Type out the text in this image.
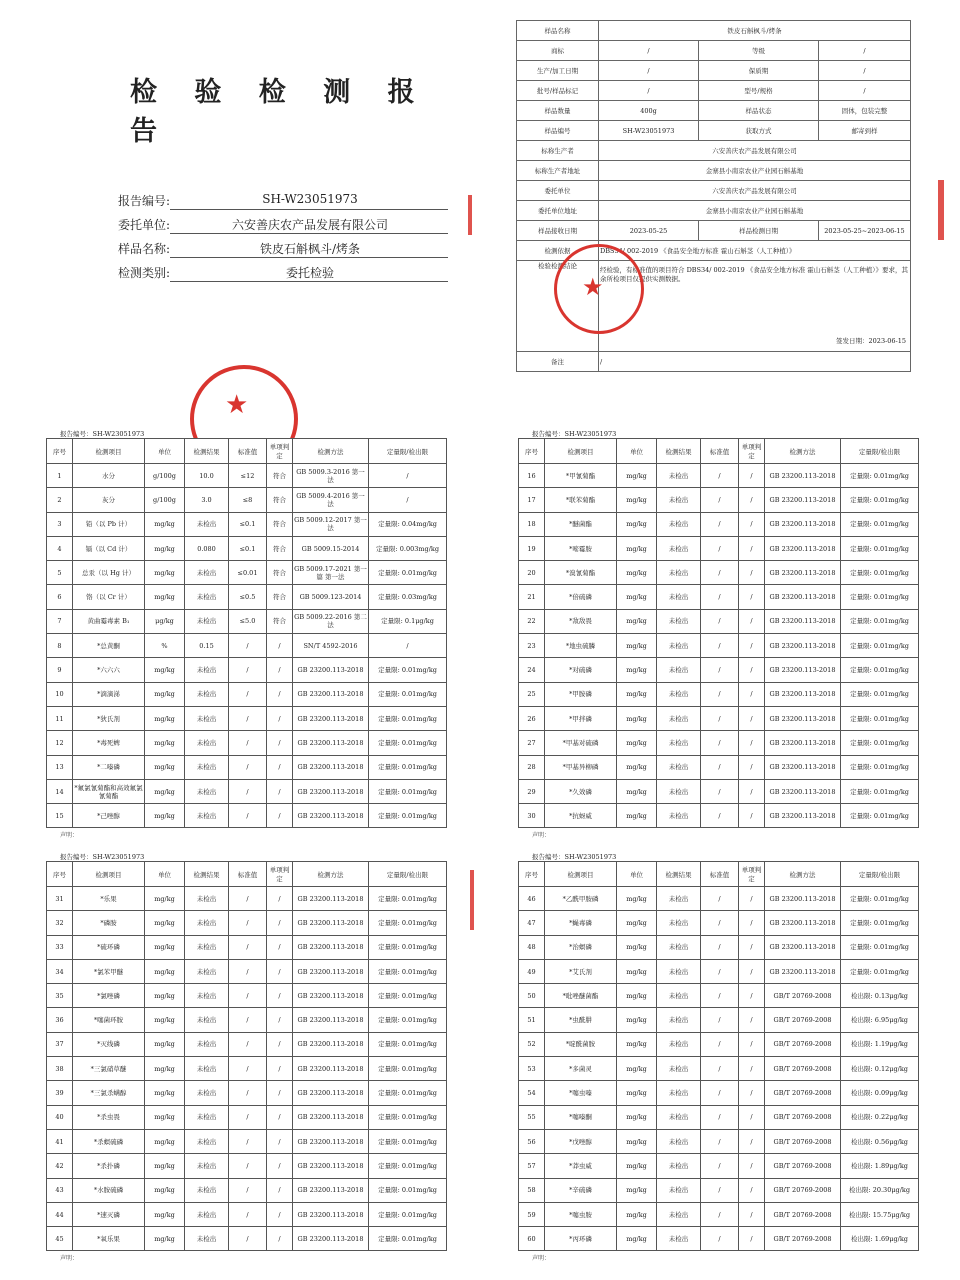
检 验 检 测 报 告
报告编号:	SH-W23051973
委托单位:	六安善庆农产品发展有限公司
样品名称:	铁皮石斛枫斗/烤条
检测类别:	委托检验
★
样品名称	铁皮石斛枫斗/烤条		
商标	/	等级	/
生产/加工日期	/	保质期	/
批号/样品标记	/	型号/规格	/
样品数量	400g	样品状态	固体，包装完整
样品编号	SH-W23051973	获取方式	邮寄到样
标称生产者	六安善庆农产品发展有限公司		
标称生产者地址	金寨县小南京农业产业园石斛基地		
委托单位	六安善庆农产品发展有限公司		
委托单位地址	金寨县小南京农业产业园石斛基地		
样品接收日期	2023-05-25	样品检测日期	2023-05-25~2023-06-15
检测依据	DBS34/ 002-2019 《食品安全地方标准 霍山石斛茎（人工种植）》		
检验检测结论	经检验，有标准值的项目符合 DBS34/ 002-2019 《食品安全地方标准 霍山石斛茎（人工种植）》要求，其余所检项目仅提供实测数据。
签发日期：2023-06-15		

备注	/		
★
报告编号：SH-W23051973
序号	检测项目	单位	检测结果	标准值	单项判定	检测方法	定量限/检出限
1	水分	g/100g	10.0	≤12	符合	GB 5009.3-2016 第一法	/
2	灰分	g/100g	3.0	≤8	符合	GB 5009.4-2016 第一法	/
3	铅（以 Pb 计）	mg/kg	未检出	≤0.1	符合	GB 5009.12-2017 第一法	定量限: 0.04mg/kg
4	镉（以 Cd 计）	mg/kg	0.080	≤0.1	符合	GB 5009.15-2014	定量限: 0.003mg/kg
5	总汞（以 Hg 计）	mg/kg	未检出	≤0.01	符合	GB 5009.17-2021 第一篇 第一法	定量限: 0.01mg/kg
6	铬（以 Cr 计）	mg/kg	未检出	≤0.5	符合	GB 5009.123-2014	定量限: 0.03mg/kg
7	黄曲霉毒素 B₁	μg/kg	未检出	≤5.0	符合	GB 5009.22-2016 第二法	定量限: 0.1μg/kg
8	*总黄酮	%	0.15	/	/	SN/T 4592-2016	/
9	*六六六	mg/kg	未检出	/	/	GB 23200.113-2018	定量限: 0.01mg/kg
10	*滴滴涕	mg/kg	未检出	/	/	GB 23200.113-2018	定量限: 0.01mg/kg
11	*狄氏剂	mg/kg	未检出	/	/	GB 23200.113-2018	定量限: 0.01mg/kg
12	*毒死蜱	mg/kg	未检出	/	/	GB 23200.113-2018	定量限: 0.01mg/kg
13	*二嗪磷	mg/kg	未检出	/	/	GB 23200.113-2018	定量限: 0.01mg/kg
14	*氟氯氰菊酯和高效氟氯氰菊酯	mg/kg	未检出	/	/	GB 23200.113-2018	定量限: 0.01mg/kg
15	*己唑醇	mg/kg	未检出	/	/	GB 23200.113-2018	定量限: 0.01mg/kg
声明：
报告编号：SH-W23051973
序号	检测项目	单位	检测结果	标准值	单项判定	检测方法	定量限/检出限
16	*甲氰菊酯	mg/kg	未检出	/	/	GB 23200.113-2018	定量限: 0.01mg/kg
17	*联苯菊酯	mg/kg	未检出	/	/	GB 23200.113-2018	定量限: 0.01mg/kg
18	*醚菌酯	mg/kg	未检出	/	/	GB 23200.113-2018	定量限: 0.01mg/kg
19	*嘧霉胺	mg/kg	未检出	/	/	GB 23200.113-2018	定量限: 0.01mg/kg
20	*溴氰菊酯	mg/kg	未检出	/	/	GB 23200.113-2018	定量限: 0.01mg/kg
21	*倍硫磷	mg/kg	未检出	/	/	GB 23200.113-2018	定量限: 0.01mg/kg
22	*敌敌畏	mg/kg	未检出	/	/	GB 23200.113-2018	定量限: 0.01mg/kg
23	*地虫硫膦	mg/kg	未检出	/	/	GB 23200.113-2018	定量限: 0.01mg/kg
24	*对硫磷	mg/kg	未检出	/	/	GB 23200.113-2018	定量限: 0.01mg/kg
25	*甲胺磷	mg/kg	未检出	/	/	GB 23200.113-2018	定量限: 0.01mg/kg
26	*甲拌磷	mg/kg	未检出	/	/	GB 23200.113-2018	定量限: 0.01mg/kg
27	*甲基对硫磷	mg/kg	未检出	/	/	GB 23200.113-2018	定量限: 0.01mg/kg
28	*甲基异柳磷	mg/kg	未检出	/	/	GB 23200.113-2018	定量限: 0.01mg/kg
29	*久效磷	mg/kg	未检出	/	/	GB 23200.113-2018	定量限: 0.01mg/kg
30	*抗蚜威	mg/kg	未检出	/	/	GB 23200.113-2018	定量限: 0.01mg/kg
声明：
报告编号：SH-W23051973
序号	检测项目	单位	检测结果	标准值	单项判定	检测方法	定量限/检出限
31	*乐果	mg/kg	未检出	/	/	GB 23200.113-2018	定量限: 0.01mg/kg
32	*磷胺	mg/kg	未检出	/	/	GB 23200.113-2018	定量限: 0.01mg/kg
33	*硫环磷	mg/kg	未检出	/	/	GB 23200.113-2018	定量限: 0.01mg/kg
34	*氯苯甲醚	mg/kg	未检出	/	/	GB 23200.113-2018	定量限: 0.01mg/kg
35	*氯唑磷	mg/kg	未检出	/	/	GB 23200.113-2018	定量限: 0.01mg/kg
36	*噻菌环胺	mg/kg	未检出	/	/	GB 23200.113-2018	定量限: 0.01mg/kg
37	*灭线磷	mg/kg	未检出	/	/	GB 23200.113-2018	定量限: 0.01mg/kg
38	*三氯硝草醚	mg/kg	未检出	/	/	GB 23200.113-2018	定量限: 0.01mg/kg
39	*三氯杀螨醇	mg/kg	未检出	/	/	GB 23200.113-2018	定量限: 0.01mg/kg
40	*杀虫畏	mg/kg	未检出	/	/	GB 23200.113-2018	定量限: 0.01mg/kg
41	*杀螟硫磷	mg/kg	未检出	/	/	GB 23200.113-2018	定量限: 0.01mg/kg
42	*杀扑磷	mg/kg	未检出	/	/	GB 23200.113-2018	定量限: 0.01mg/kg
43	*水胺硫磷	mg/kg	未检出	/	/	GB 23200.113-2018	定量限: 0.01mg/kg
44	*速灭磷	mg/kg	未检出	/	/	GB 23200.113-2018	定量限: 0.01mg/kg
45	*氧乐果	mg/kg	未检出	/	/	GB 23200.113-2018	定量限: 0.01mg/kg
声明：
报告编号：SH-W23051973
序号	检测项目	单位	检测结果	标准值	单项判定	检测方法	定量限/检出限
46	*乙酰甲胺磷	mg/kg	未检出	/	/	GB 23200.113-2018	定量限: 0.01mg/kg
47	*蝇毒磷	mg/kg	未检出	/	/	GB 23200.113-2018	定量限: 0.01mg/kg
48	*治螟磷	mg/kg	未检出	/	/	GB 23200.113-2018	定量限: 0.01mg/kg
49	*艾氏剂	mg/kg	未检出	/	/	GB 23200.113-2018	定量限: 0.01mg/kg
50	*吡唑醚菌酯	mg/kg	未检出	/	/	GB/T 20769-2008	检出限: 0.13μg/kg
51	*虫酰肼	mg/kg	未检出	/	/	GB/T 20769-2008	检出限: 6.95μg/kg
52	*啶酰菌胺	mg/kg	未检出	/	/	GB/T 20769-2008	检出限: 1.19μg/kg
53	*多菌灵	mg/kg	未检出	/	/	GB/T 20769-2008	检出限: 0.12μg/kg
54	*噻虫嗪	mg/kg	未检出	/	/	GB/T 20769-2008	检出限: 0.09μg/kg
55	*噻嗪酮	mg/kg	未检出	/	/	GB/T 20769-2008	检出限: 0.22μg/kg
56	*戊唑醇	mg/kg	未检出	/	/	GB/T 20769-2008	检出限: 0.56μg/kg
57	*莽虫威	mg/kg	未检出	/	/	GB/T 20769-2008	检出限: 1.89μg/kg
58	*辛硫磷	mg/kg	未检出	/	/	GB/T 20769-2008	检出限: 20.30μg/kg
59	*噻虫胺	mg/kg	未检出	/	/	GB/T 20769-2008	检出限: 15.75μg/kg
60	*丙环磷	mg/kg	未检出	/	/	GB/T 20769-2008	检出限: 1.69μg/kg
声明：
